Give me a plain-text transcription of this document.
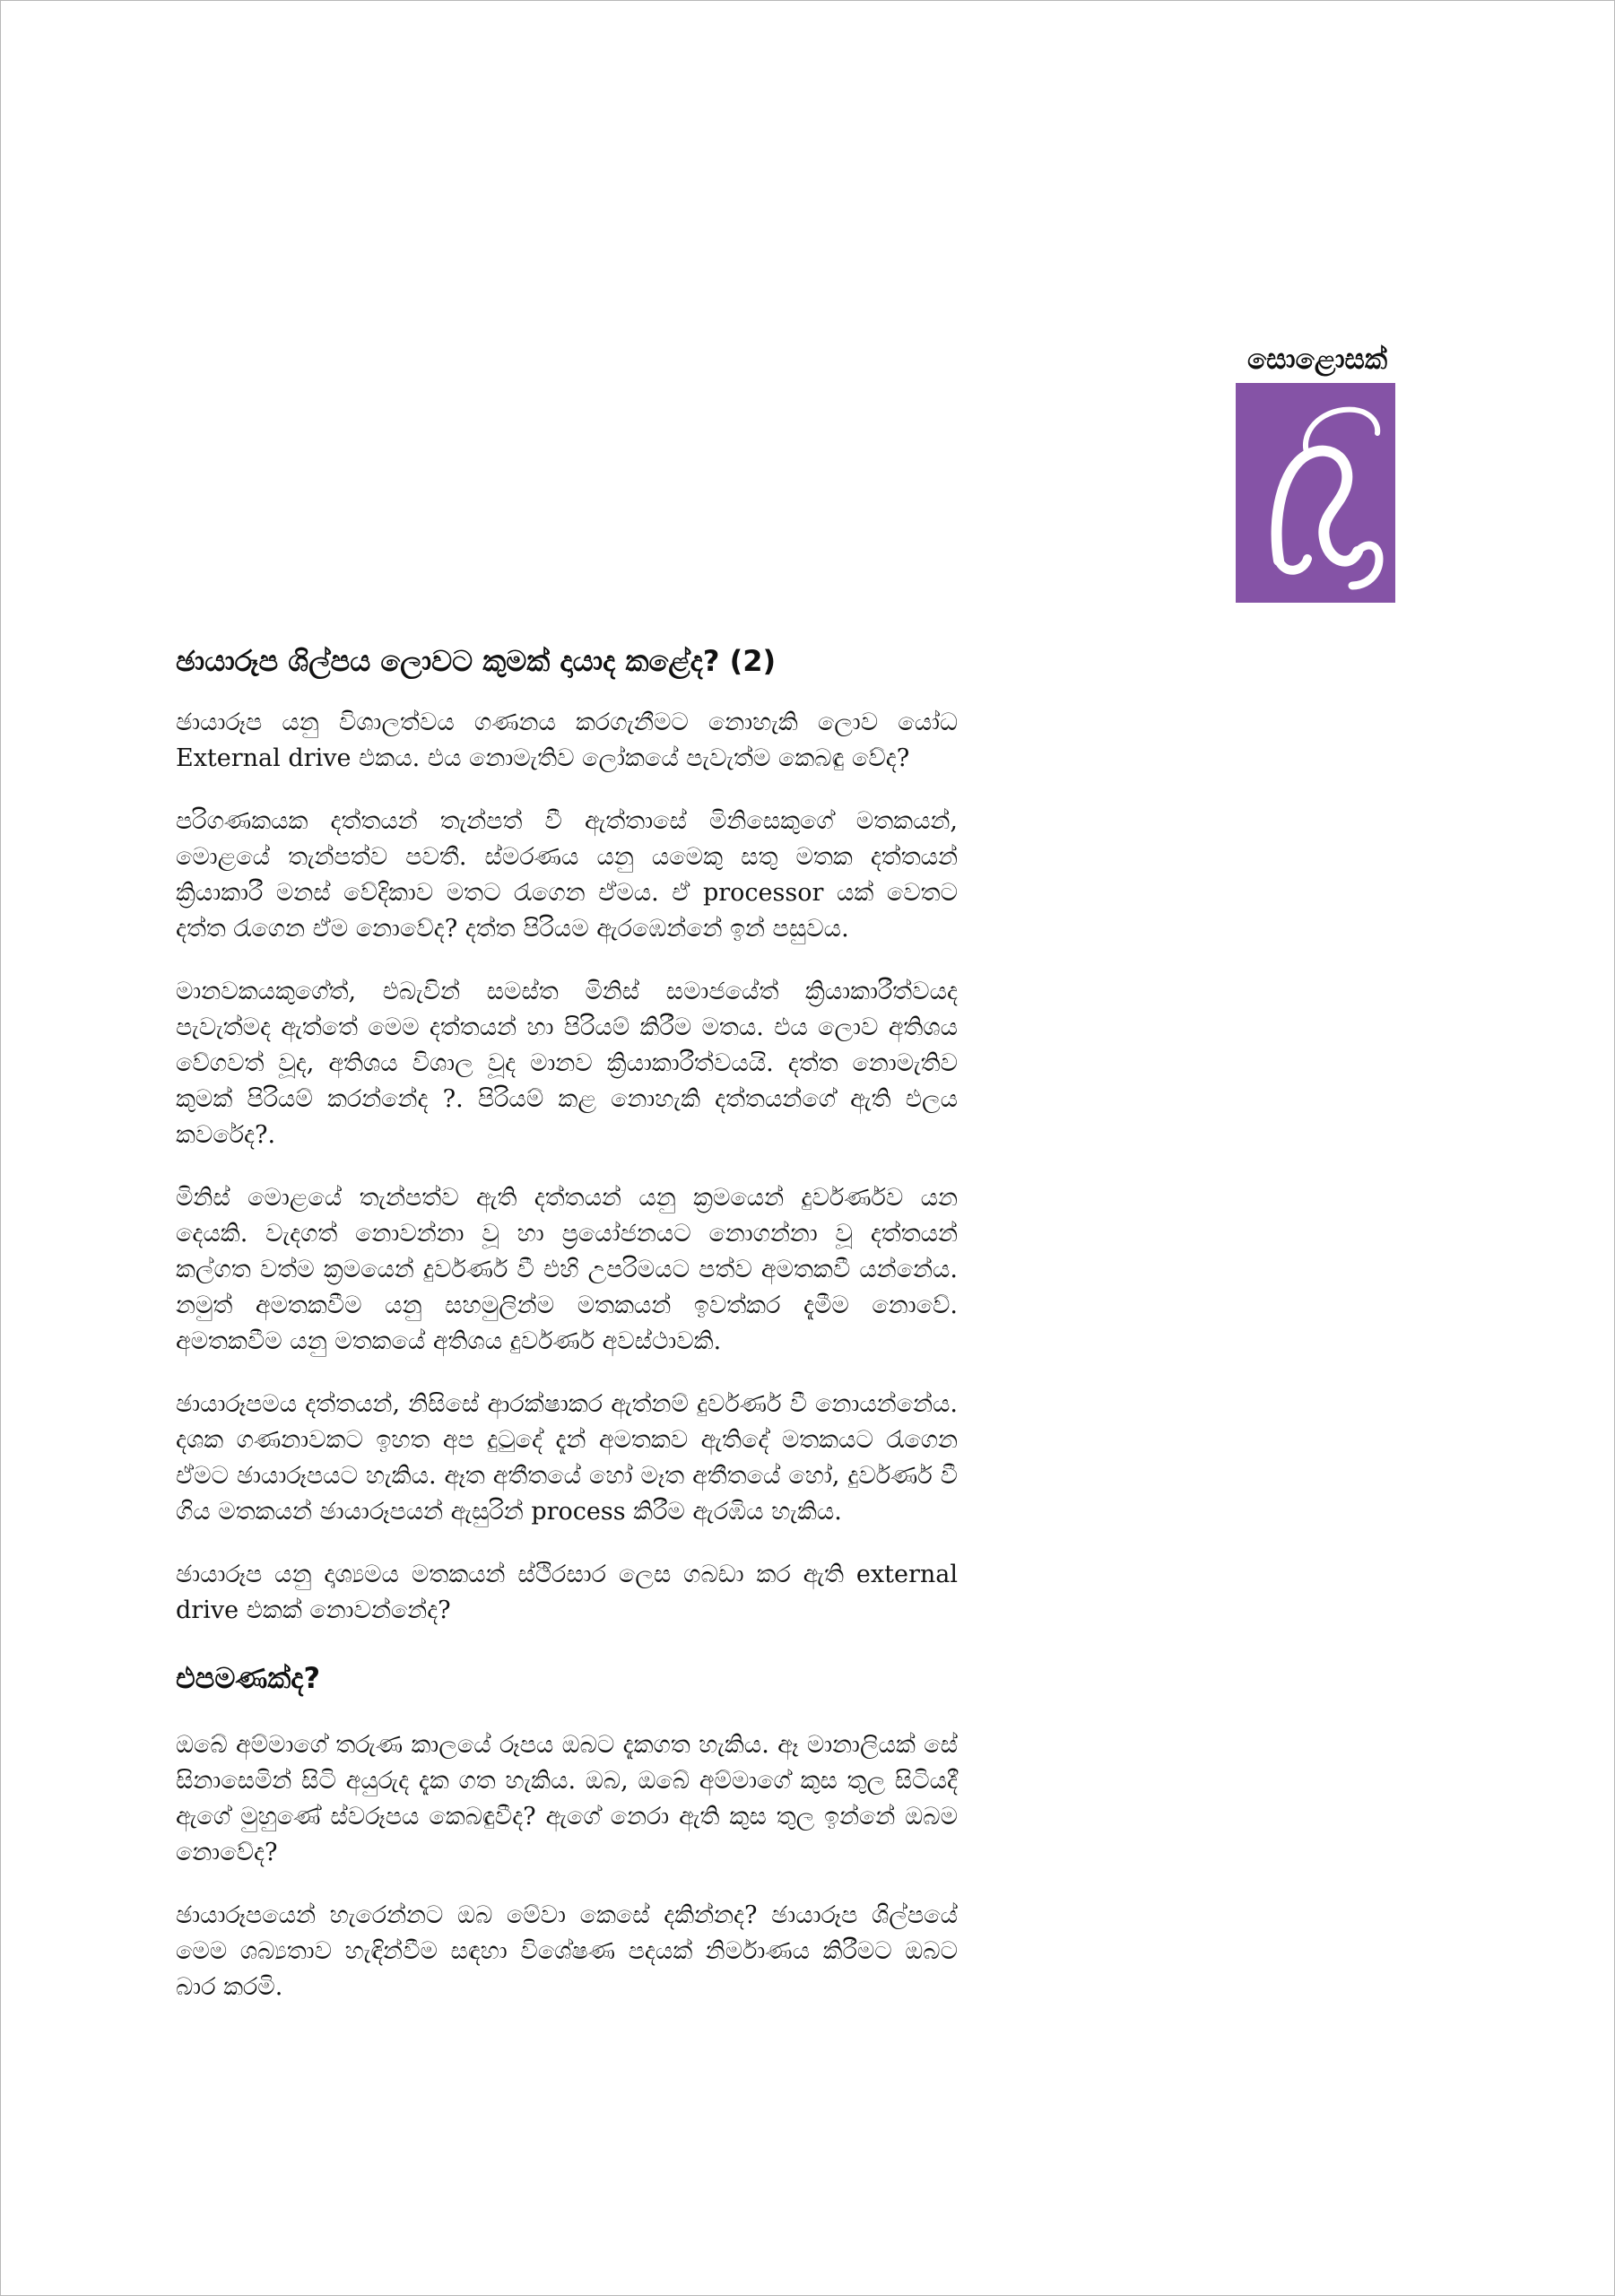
සොළොසක්
ඡායාරූප ශිල්පය ලොවට කුමක් දායාද කළේද? (2)

ඡායාරූප යනු විශාලත්වය ගණනය කරගැනීමට නොහැකි ලොව යෝධ External drive එකය. එය නොමැතිව ලෝකයේ පැවැත්ම කෙබඳු වේද?

පරිගණකයක දත්තයන් තැන්පත් වී ඇත්තාසේ මිනිසෙකුගේ මතකයන්, මොළයේ තැන්පත්ව පවතී. ස්මරණය යනු යමෙකු සතු මතක දත්තයන් ක්‍රියාකාරී මනස් වේදිකාව මතට රැගෙන ඒමය. ඒ processor යක් වෙතට දත්ත රැගෙන ඒම නොවේද? දත්ත පිරියම ඇරඹෙන්නේ ඉන් පසුවය.

මානවකයකුගේත්, එබැවින් සමස්ත මිනිස් සමාජයේත් ක්‍රියාකාරීත්වයද පැවැත්මද ඇත්තේ මෙම දත්තයන් හා පිරියම් කිරීම මතය. එය ලොව අතිශය වේගවත් වූද, අතිශය විශාල වූද මානව ක්‍රියාකාරීත්වයයි. දත්ත නොමැතිව කුමක් පිරියම් කරන්නේද ?. පිරියම් කළ නොහැකි දත්තයන්ගේ ඇති එලය කවරේද?.

මිනිස් මොළයේ තැන්පත්ව ඇති දත්තයන් යනු ක්‍රමයෙන් දුර්වර්ණව යන දෙයකි. වැදගත් නොවන්නා වූ හා ප්‍රයෝජනයට නොගන්නා වූ දත්තයන් කල්ගත වත්ම ක්‍රමයෙන් දුර්වර්ණ වී එහි උපරිමයට පත්ව අමතකවී යන්නේය. නමුත් අමතකවීම යනු සහමුලින්ම මතකයන් ඉවත්කර දැමීම නොවේ. අමතකවීම යනු මතකයේ අතිශය දුර්වර්ණ අවස්ථාවකි.

ඡායාරූපමය දත්තයන්, නිසිසේ ආරක්ෂාකර ඇත්නම් දුර්වර්ණ වී නොයන්නේය. දශක ගණනාවකට ඉහත අප දුටුදේ දැන් අමතකව ඇතිදේ මතකයට රැගෙන ඒමට ඡායාරූපයට හැකිය. ඈත අතීතයේ හෝ මෑත අතීතයේ හෝ, දුර්වර්ණ වී ගිය මතකයන් ඡායාරූපයන් ඇසුරින් process කිරීම ඇරඹිය හැකිය.

ඡායාරූප යනු දෘශ්‍යමය මතකයන් ස්ථිරසාර ලෙස ගබඩා කර ඇති external drive එකක් නොවන්නේද?

එපමණක්ද?

ඔබේ අම්මාගේ තරුණ කාලයේ රූපය ඔබට දැකගත හැකිය. ඈ මානාලියක් සේ සිනාසෙමින් සිටි අයුරුද දැක ගත හැකිය. ඔබ, ඔබේ අම්මාගේ කුස තුල සිටියදී ඇගේ මුහුණේ ස්වරූපය කෙබඳුවීද? ඇගේ නෙරා ඇති කුස තුල ඉන්නේ ඔබම නොවේද?

ඡායාරූපයෙන් හැරෙන්නට ඔබ මේවා කෙසේ දකින්නද? ඡායාරූප ශිල්පයේ මෙම ශබ්‍යතාව හැඳින්වීම සඳහා විශේෂණ පදයක් නිර්මාණය කිරීමට ඔබට බාර කරමි.
